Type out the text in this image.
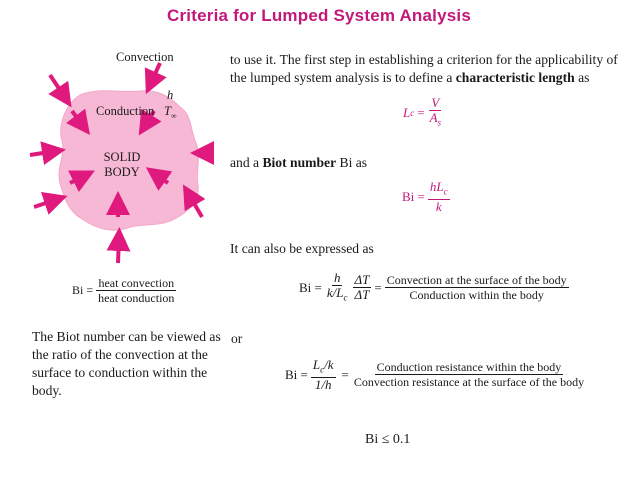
Criteria for Lumped System Analysis
Convection
h
$T_\infty$
Conduction
SOLID
BODY
$Bi = \frac{\text{heat convection}}{\text{heat conduction}}$
The Biot number can be viewed as the ratio of the convection at the surface to conduction within the body.
to use it. The first step in establishing a criterion for the applicability of the lumped system analysis is to define a characteristic length as
L $c = \frac{V}{A_s}$
and a Biot number Bi as
$Bi = \frac{hL_c}{k}$
It can also be expressed as
$Bi = \frac{h}{k/L_c} \frac{\Delta T}{\Delta T} = \frac{\text{Convection at the surface of the body}}{\text{Conduction within the body}}$
or
$Bi = \frac{L_c/k}{1/h} = \frac{\text{Conduction resistance within the body}}{\text{Convection resistance at the surface of the body}}$
Bi ≤ 0.1
